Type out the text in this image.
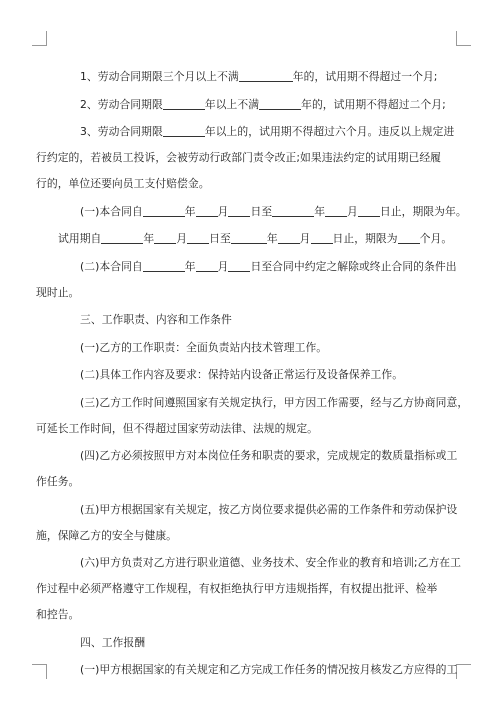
1、劳动合同期限三个月以上不满	年的，试用期不得超过一个月;

2、劳动合同期限	年以上不满	年的，试用期不得超过二个月;

3、劳动合同期限	年以上的，试用期不得超过六个月。违反以上规定进
行约定的，若被员工投诉，会被劳动行政部门责令改正;如果违法约定的试用期已经履
行的，单位还要向员工支付赔偿金。

(一)本合同自	年 月 日至	年 月 日止，期限为年。

试用期自	年 月 日至	年 月 日止，期限为 个月。

(二)本合同自	年 月 日至合同中约定之解除或终止合同的条件出
现时止。

三、工作职责、内容和工作条件

(一)乙方的工作职责：全面负责站内技术管理工作。

(二)具体工作内容及要求：保持站内设备正常运行及设备保养工作。

(三)乙方工作时间遵照国家有关规定执行，甲方因工作需要，经与乙方协商同意，
可延长工作时间，但不得超过国家劳动法律、法规的规定。

(四)乙方必须按照甲方对本岗位任务和职责的要求，完成规定的数质量指标或工
作任务。

(五)甲方根据国家有关规定，按乙方岗位要求提供必需的工作条件和劳动保护设
施，保障乙方的安全与健康。

(六)甲方负责对乙方进行职业道德、业务技术、安全作业的教育和培训;乙方在工
作过程中必须严格遵守工作规程，有权拒绝执行甲方违规指挥，有权提出批评、检举
和控告。

四、工作报酬

(一)甲方根据国家的有关规定和乙方完成工作任务的情况按月核发乙方应得的工
